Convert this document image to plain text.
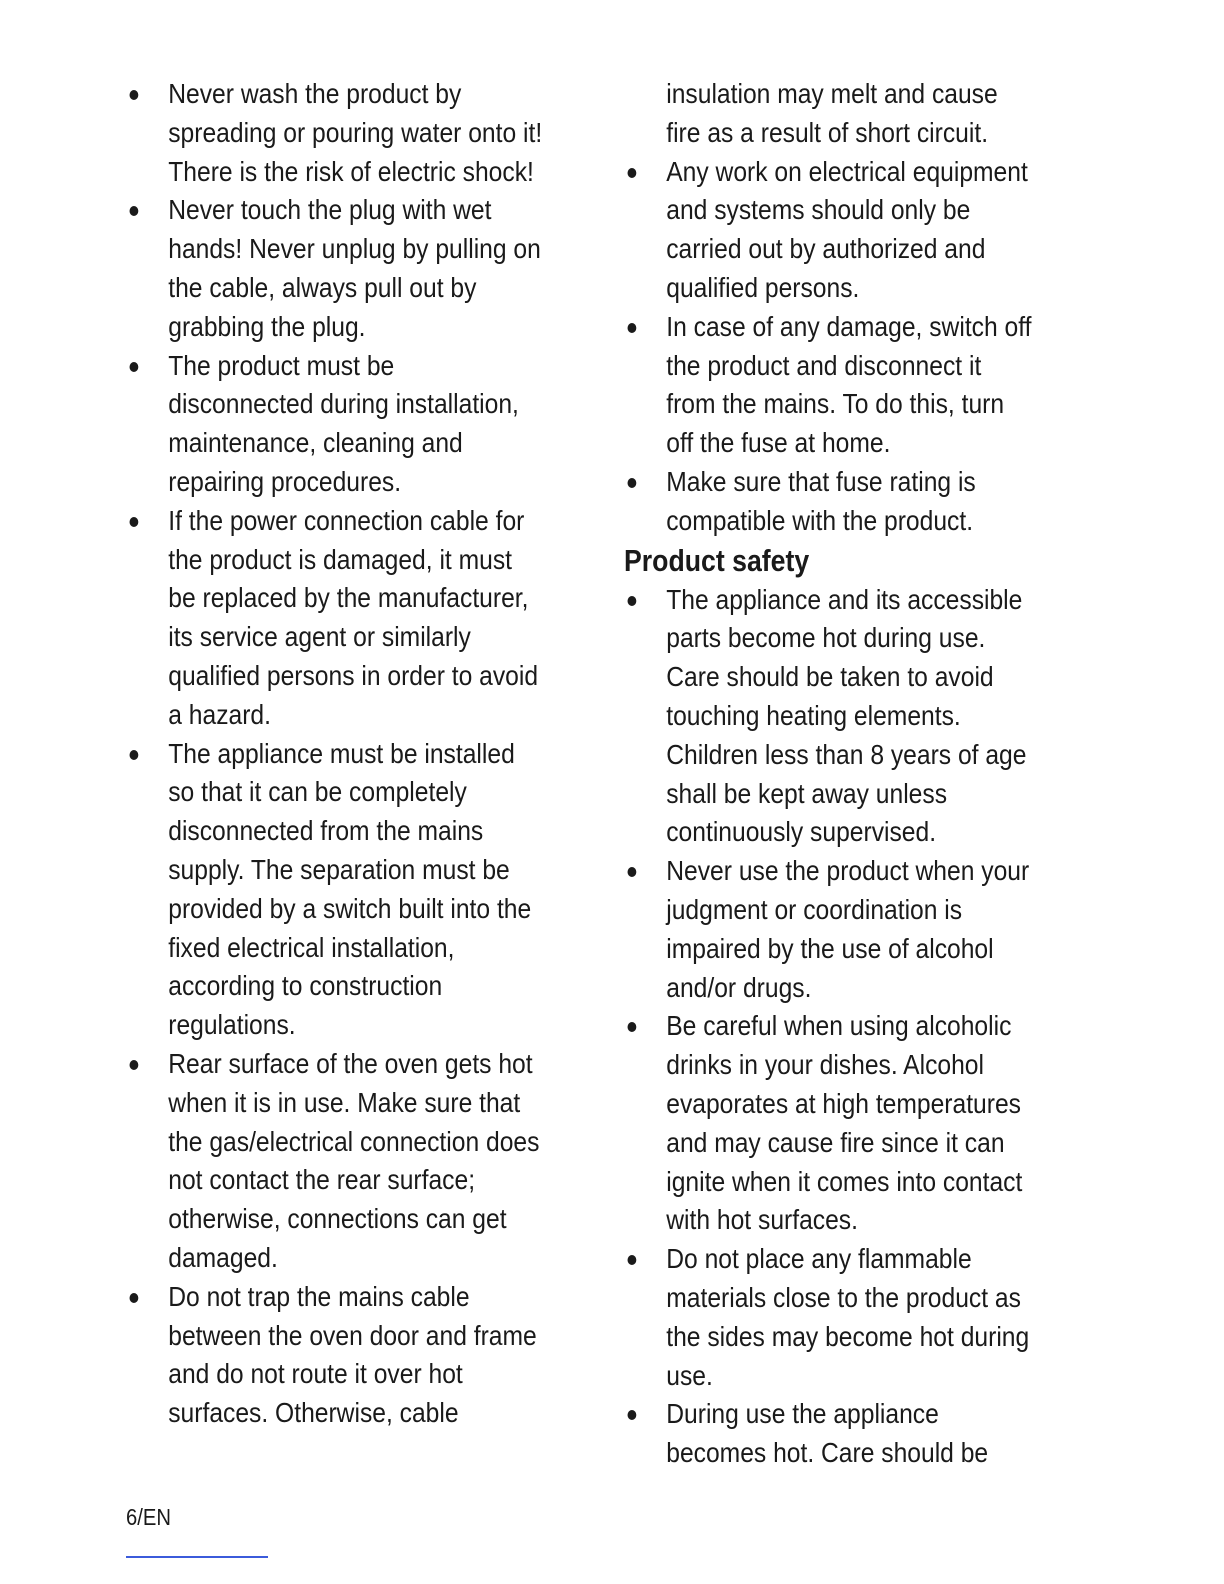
Never wash the product by
spreading or pouring water onto it!
There is the risk of electric shock!
Never touch the plug with wet
hands! Never unplug by pulling on
the cable, always pull out by
grabbing the plug.
The product must be
disconnected during installation,
maintenance, cleaning and
repairing procedures.
If the power connection cable for
the product is damaged, it must
be replaced by the manufacturer,
its service agent or similarly
qualified persons in order to avoid
a hazard.
The appliance must be installed
so that it can be completely
disconnected from the mains
supply. The separation must be
provided by a switch built into the
fixed electrical installation,
according to construction
regulations.
Rear surface of the oven gets hot
when it is in use. Make sure that
the gas/electrical connection does
not contact the rear surface;
otherwise, connections can get
damaged.
Do not trap the mains cable
between the oven door and frame
and do not route it over hot
surfaces. Otherwise, cable
insulation may melt and cause
fire as a result of short circuit.
Any work on electrical equipment
and systems should only be
carried out by authorized and
qualified persons.
In case of any damage, switch off
the product and disconnect it
from the mains. To do this, turn
off the fuse at home.
Make sure that fuse rating is
compatible with the product.
Product safety
The appliance and its accessible
parts become hot during use.
Care should be taken to avoid
touching heating elements.
Children less than 8 years of age
shall be kept away unless
continuously supervised.
Never use the product when your
judgment or coordination is
impaired by the use of alcohol
and/or drugs.
Be careful when using alcoholic
drinks in your dishes. Alcohol
evaporates at high temperatures
and may cause fire since it can
ignite when it comes into contact
with hot surfaces.
Do not place any flammable
materials close to the product as
the sides may become hot during
use.
During use the appliance
becomes hot. Care should be
6/EN
